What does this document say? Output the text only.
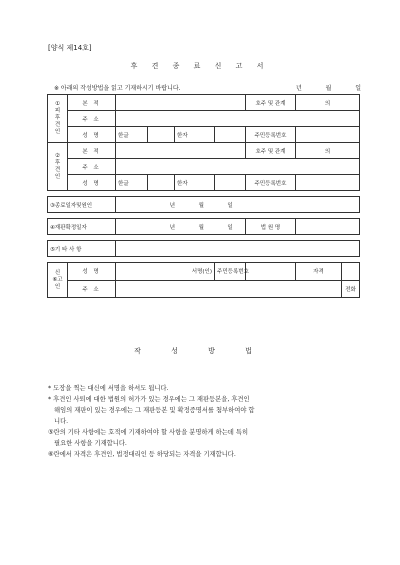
[양식 제14호]
후 견 종 료 신 고 서
※ 아래의 작성방법을 읽고 기재하시기 바랍니다.	년	월	일
①
피
후
견
인	본 적					호주 및 관계	의		
	주 소								
	성 명	한글		한자		주민등록번호			
②
후
견
인	본 적					호주 및 관계	의		
	주 소								
	성 명	한글		한자		주민등록번호			

③종료일자및원인		년 월 일							

④재판확정일자		년 월 일				법 원 명			

⑤기 타 사 항									

신
⑥고
인	성 명	서명(인)			주민등록번호		자격		
	주 소							전화	
작 성 방 법

* 도장을 찍는 대신에 서명을 하셔도 됩니다.

* 후견인 사퇴에 대한 법원의 허가가 있는 경우에는 그 재판등본을, 후견인

해임의 재판이 있는 경우에는 그 재판등본 및 확정증명서를 첨부하여야 합

니다.

⑤란의 기타 사항에는 호적에 기재하여야 할 사항을 분명하게 하는데 특히

필요한 사항을 기재합니다.

⑥란에서 자격은 후견인, 법정대리인 등 하당되는 자격을 기재합니다.
